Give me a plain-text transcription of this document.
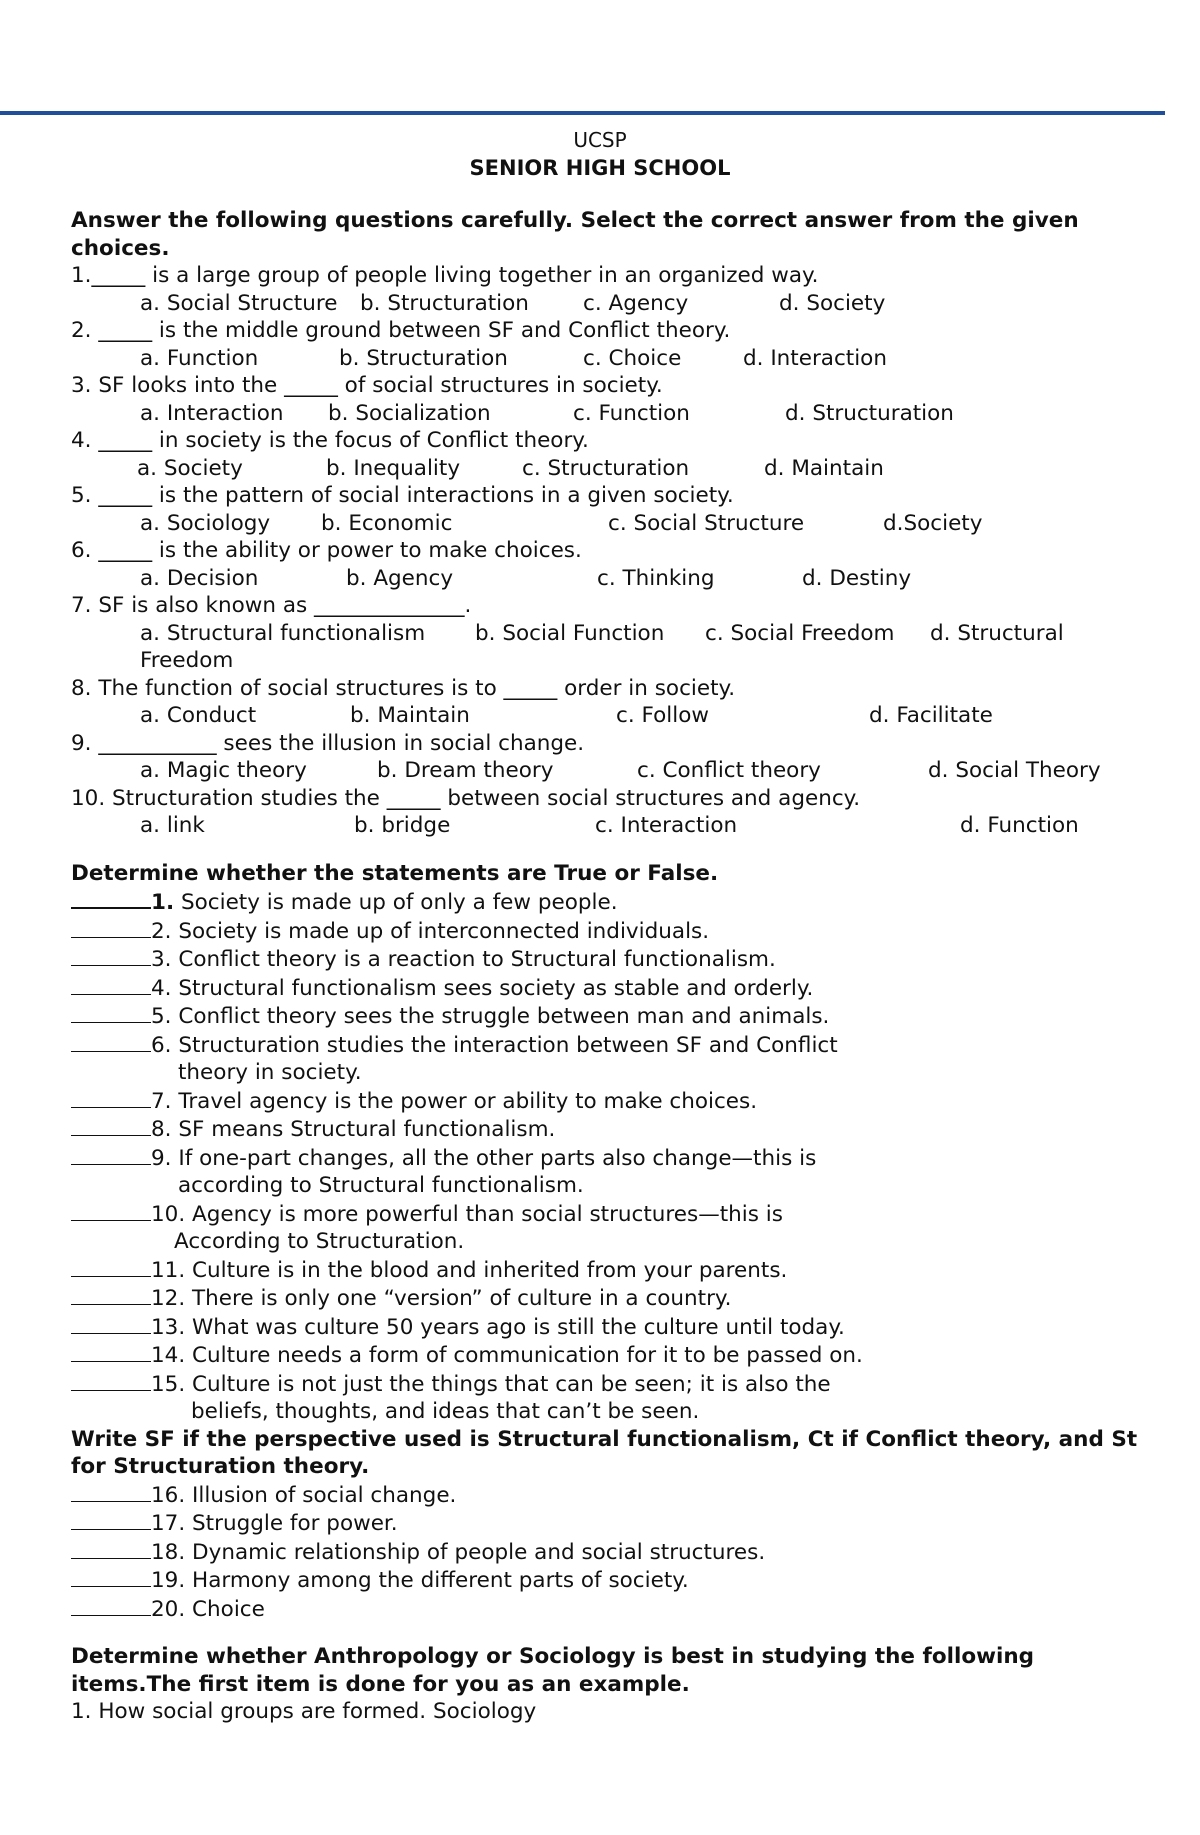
UCSP
SENIOR HIGH SCHOOL
Answer the following questions carefully. Select the correct answer from the given choices.
1._____ is a large group of people living together in an organized way.
a. Social Structure	b. Structuration	c. Agency	d. Society
2. _____ is the middle ground between SF and Conflict theory.
a. Function	b. Structuration	c. Choice	d. Interaction
3. SF looks into the _____ of social structures in society.
a. Interaction	b. Socialization	c. Function	d. Structuration
4. _____ in society is the focus of Conflict theory.
a. Society	b. Inequality	c. Structuration	d. Maintain
5. _____ is the pattern of social interactions in a given society.
a. Sociology	b. Economic	c. Social Structure	d.Society
6. _____ is the ability or power to make choices.
a. Decision	b. Agency	c. Thinking	d. Destiny
7. SF is also known as ______________.
a. Structural functionalism	b. Social Function	c. Social Freedom	d. Structural
Freedom
8. The function of social structures is to _____ order in society.
a. Conduct	b. Maintain	c. Follow	d. Facilitate
9. ___________ sees the illusion in social change.
a. Magic theory	b. Dream theory	c. Conflict theory	d. Social Theory
10. Structuration studies the _____ between social structures and agency.
a. link	b. bridge	c. Interaction	d. Function
Determine whether the statements are True or False.
1. Society is made up of only a few people.
2. Society is made up of interconnected individuals.
3. Conflict theory is a reaction to Structural functionalism.
4. Structural functionalism sees society as stable and orderly.
5. Conflict theory sees the struggle between man and animals.
6. Structuration studies the interaction between SF and Conflict
theory in society.
7. Travel agency is the power or ability to make choices.
8. SF means Structural functionalism.
9. If one-part changes, all the other parts also change—this is
according to Structural functionalism.
10. Agency is more powerful than social structures—this is
According to Structuration.
11. Culture is in the blood and inherited from your parents.
12. There is only one “version” of culture in a country.
13. What was culture 50 years ago is still the culture until today.
14. Culture needs a form of communication for it to be passed on.
15. Culture is not just the things that can be seen; it is also the
beliefs, thoughts, and ideas that can’t be seen.
Write SF if the perspective used is Structural functionalism, Ct if Conflict theory, and St for Structuration theory.
16. Illusion of social change.
17. Struggle for power.
18. Dynamic relationship of people and social structures.
19. Harmony among the different parts of society.
20. Choice
Determine whether Anthropology or Sociology is best in studying the following items.The first item is done for you as an example.
1. How social groups are formed. Sociology
